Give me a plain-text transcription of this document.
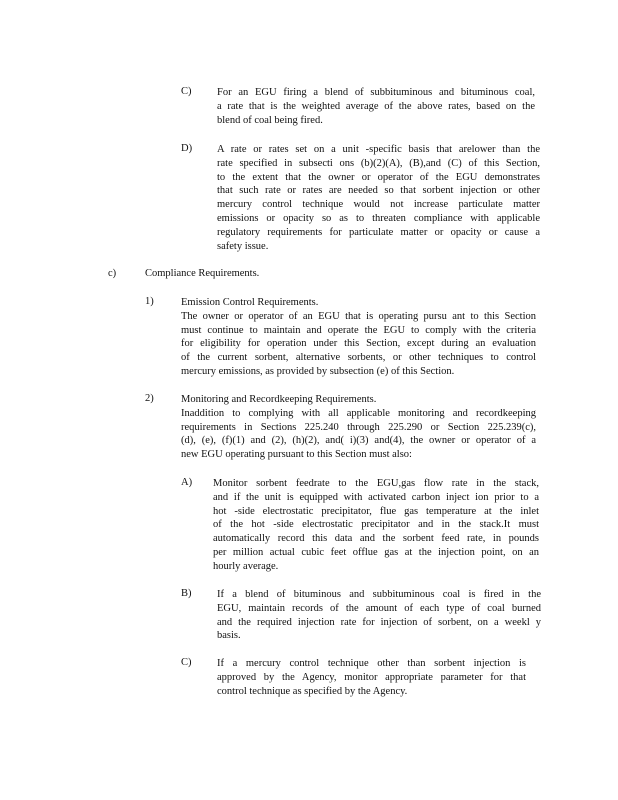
C) For an EGU firing a blend of subbituminous and bituminous coal,
a rate that is the weighted average of the above rates, based on the
blend of coal being fired.
D) A rate or rates set on a unit -specific basis that arelower than the
rate specified in subsecti ons (b)(2)(A), (B),and (C) of this Section,
to the extent that the owner or operator of the EGU demonstrates
that such rate or rates are needed so that sorbent injection or other
mercury control technique would not increase particulate matter
emissions or opacity so as to threaten compliance with applicable
regulatory requirements for particulate matter or opacity or cause a
safety issue.
c)	Compliance Requirements.
1)	Emission Control Requirements.
The owner or operator of an EGU that is operating pursu ant to this Section
must continue to maintain and operate the EGU to comply with the criteria
for eligibility for operation under this Section, except during an evaluation
of the current sorbent, alternative sorbents, or other techniques to control
mercury emissions, as provided by subsection (e) of this Section.
2)	Monitoring and Recordkeeping Requirements.
Inaddition to complying with all applicable monitoring and recordkeeping
requirements in Sections 225.240 through 225.290 or Section 225.239(c),
(d), (e), (f)(1) and (2), (h)(2), and( i)(3) and(4), the owner or operator of a
new EGU operating pursuant to this Section must also:
A) Monitor sorbent feedrate to the EGU,gas flow rate in the stack,
and if the unit is equipped with activated carbon inject ion prior to a
hot -side electrostatic precipitator, flue gas temperature at the inlet
of the hot -side electrostatic precipitator and in the stack.It must
automatically record this data and the sorbent feed rate, in pounds
per million actual cubic feet offlue gas at the injection point, on an
hourly average.
B) If a blend of bituminous and subbituminous coal is fired in the
EGU, maintain records of the amount of each type of coal burned
and the required injection rate for injection of sorbent, on a weekl y
basis.
C) If a mercury control technique other than sorbent injection is
approved by the Agency, monitor appropriate parameter for that
control technique as specified by the Agency.
